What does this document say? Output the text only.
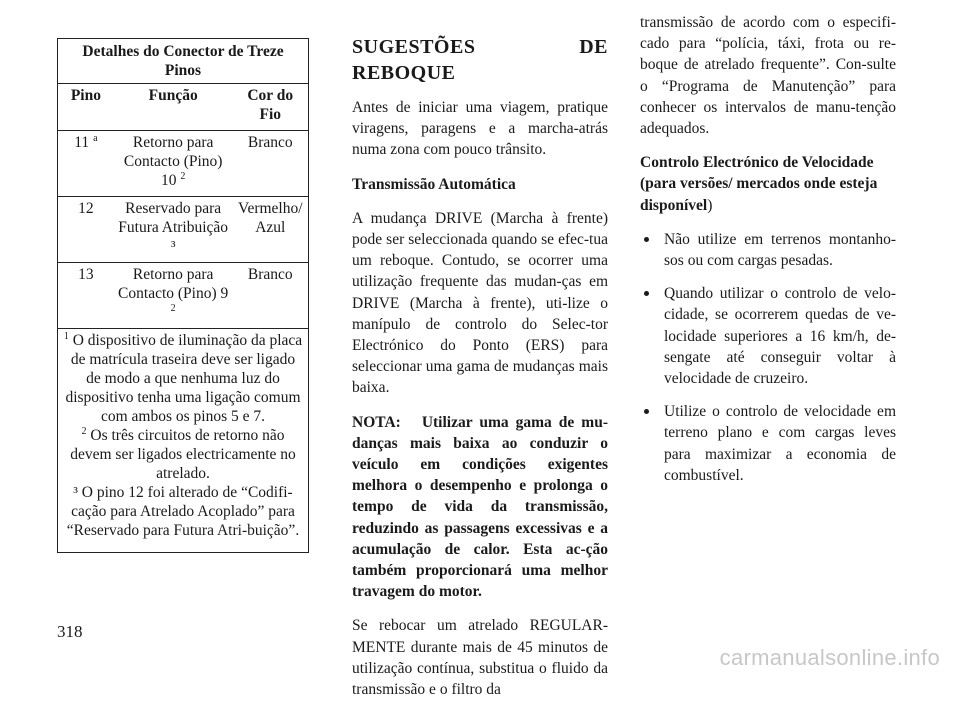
Detalhes do Conector de Treze Pinos		
Pino	Função	Cor do Fio
11 $^a$	Retorno para Contacto (Pino) 10 $^2$	Branco
12	Reservado para Futura Atribuição ³	Vermelho/ Azul
13	Retorno para Contacto (Pino) 9 $^2$	Branco

$^1$ O dispositivo de iluminação da placa de matrícula traseira deve ser ligado de modo a que nenhuma luz do dispositivo tenha uma ligação comum com ambos os pinos 5 e 7.
$^2$ Os três circuitos de retorno não devem ser ligados electricamente no atrelado.
³ O pino 12 foi alterado de “Codifi-cação para Atrelado Acoplado” para “Reservado para Futura Atri-buição”.		
SUGESTÕES DE REBOQUE

Antes de iniciar uma viagem, pratique viragens, paragens e a marcha-atrás numa zona com pouco trânsito.

Transmissão Automática

A mudança DRIVE (Marcha à frente) pode ser seleccionada quando se efec-tua um reboque. Contudo, se ocorrer uma utilização frequente das mudan-ças em DRIVE (Marcha à frente), uti-lize o manípulo de controlo do Selec-tor Electrónico do Ponto (ERS) para seleccionar uma gama de mudanças mais baixa.

NOTA: Utilizar uma gama de mu-danças mais baixa ao conduzir o veículo em condições exigentes melhora o desempenho e prolonga o tempo de vida da transmissão, reduzindo as passagens excessivas e a acumulação de calor. Esta ac-ção também proporcionará uma melhor travagem do motor.

Se rebocar um atrelado REGULAR-MENTE durante mais de 45 minutos de utilização contínua, substitua o fluido da transmissão e o filtro da

transmissão de acordo com o especifi-cado para “polícia, táxi, frota ou re-boque de atrelado frequente”. Con-sulte o “Programa de Manutenção” para conhecer os intervalos de manu-tenção adequados.

Controlo Electrónico de Velocidade (para versões/ mercados onde esteja disponível)

Não utilize em terrenos montanho-sos ou com cargas pesadas.
Quando utilizar o controlo de velo-cidade, se ocorrerem quedas de ve-locidade superiores a 16 km/h, de-sengate até conseguir voltar à velocidade de cruzeiro.
Utilize o controlo de velocidade em terreno plano e com cargas leves para maximizar a economia de combustível.
318
carmanualsonline.info
